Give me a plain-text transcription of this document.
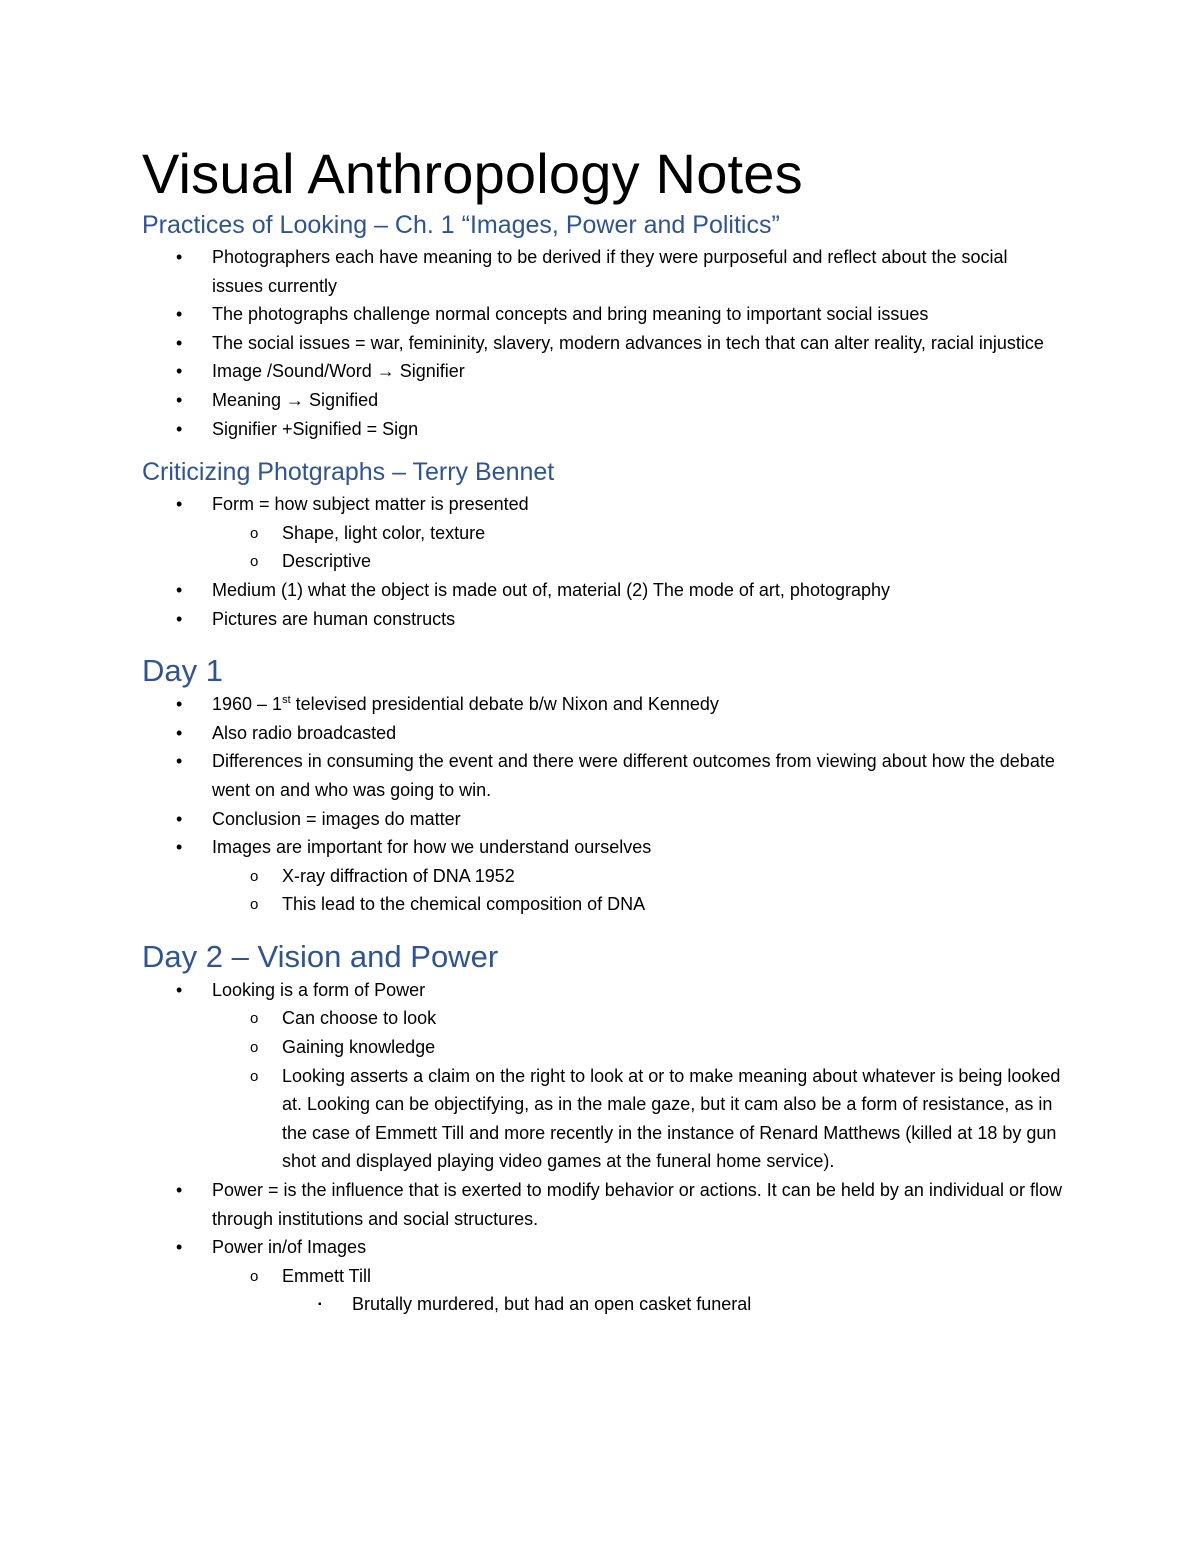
Visual Anthropology Notes
Practices of Looking – Ch. 1 “Images, Power and Politics”
• Photographers each have meaning to be derived if they were purposeful and reflect about the social issues currently
• The photographs challenge normal concepts and bring meaning to important social issues
• The social issues = war, femininity, slavery, modern advances in tech that can alter reality, racial injustice
• Image /Sound/Word → Signifier
• Meaning → Signified
• Signifier +Signified = Sign
Criticizing Photgraphs – Terry Bennet
• Form = how subject matter is presented
o Shape, light color, texture
o Descriptive
• Medium (1) what the object is made out of, material (2) The mode of art, photography
• Pictures are human constructs
Day 1
• 1960 – 1st televised presidential debate b/w Nixon and Kennedy
• Also radio broadcasted
• Differences in consuming the event and there were different outcomes from viewing about how the debate went on and who was going to win.
• Conclusion = images do matter
• Images are important for how we understand ourselves
o X-ray diffraction of DNA 1952
o This lead to the chemical composition of DNA
Day 2 – Vision and Power
• Looking is a form of Power
o Can choose to look
o Gaining knowledge
o Looking asserts a claim on the right to look at or to make meaning about whatever is being looked at. Looking can be objectifying, as in the male gaze, but it cam also be a form of resistance, as in the case of Emmett Till and more recently in the instance of Renard Matthews (killed at 18 by gun shot and displayed playing video games at the funeral home service).
• Power = is the influence that is exerted to modify behavior or actions. It can be held by an individual or flow through institutions and social structures.
• Power in/of Images
o Emmett Till
▪ Brutally murdered, but had an open casket funeral
